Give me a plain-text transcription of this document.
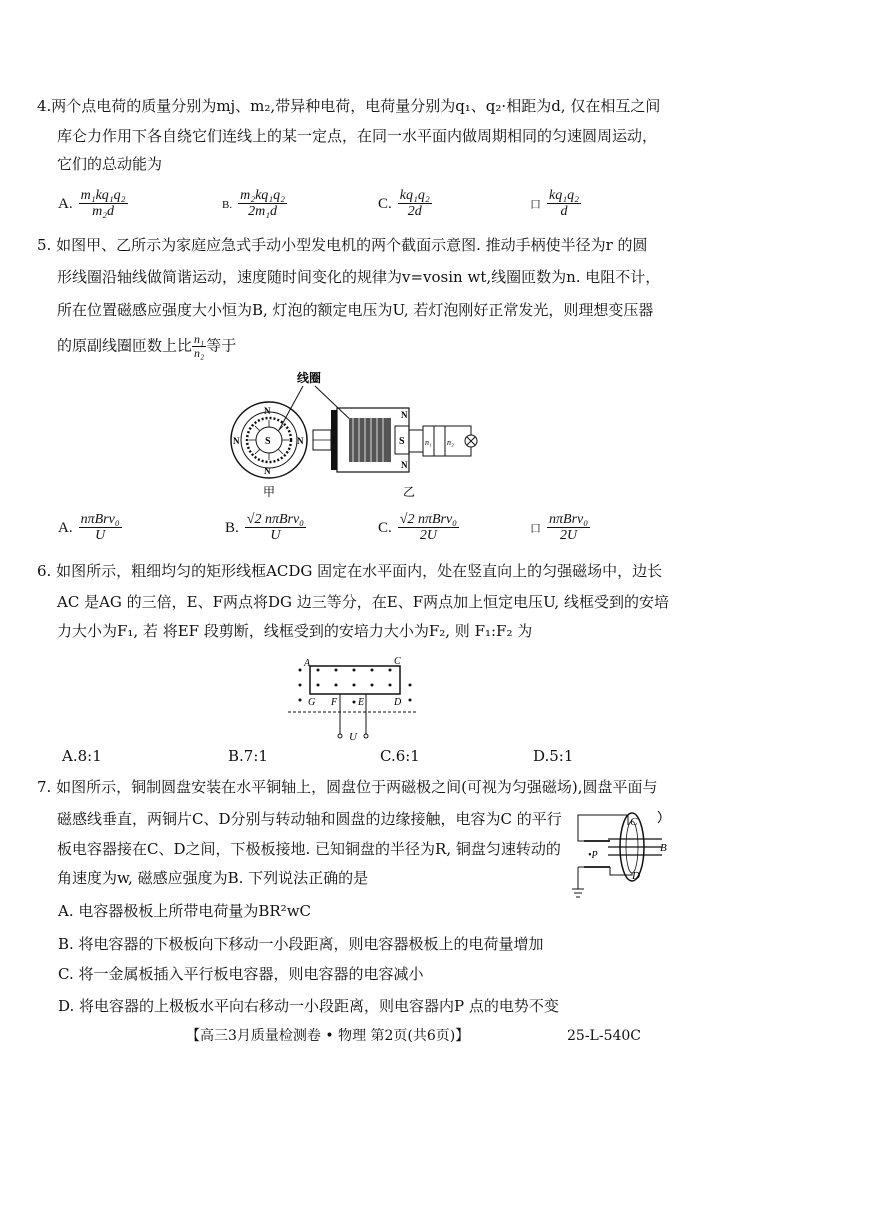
4.两个点电荷的质量分别为mj、m₂,带异种电荷，电荷量分别为q₁、q₂·相距为d, 仅在相互之间
库仑力作用下各自绕它们连线上的某一定点，在同一水平面内做周期相同的匀速圆周运动，
它们的总动能为
A. $\frac{\text{m₁kq₁q₂}}{\text{m₂d}}$	B. $\frac{\text{m₂kq₁q₂}}{\text{2m₁d}}$	C. $\frac{\text{kq₁q₂}}{2d}$	口 $\frac{\text{kq₁q₂}}{d}$
5. 如图甲、乙所示为家庭应急式手动小型发电机的两个截面示意图. 推动手柄使半径为r 的圆
形线圈沿轴线做简谐运动，速度随时间变化的规律为v=vosin wt,线圈匝数为n. 电阻不计，
所在位置磁感应强度大小恒为B, 灯泡的额定电压为U, 若灯泡刚好正常发光，则理想变压器
的原副线圈匝数上比 $\frac{\text{n₁}}{\text{n₂}}$ 等于
线圈
S
N
N
N	N
甲
S
N
N
n₁ n₂
乙
A. $\frac{\text{nπBrv₀}}{U}$	B. $\frac{\text{√2 nπBrv₀}}{U}$	C. $\frac{\text{√2 nπBrv₀}}{2U}$	口 $\frac{\text{nπBrv₀}}{2U}$
6. 如图所示，粗细均匀的矩形线框ACDG 固定在水平面内，处在竖直向上的匀强磁场中，边长
AC 是AG 的三倍，E、F两点将DG 边三等分，在E、F两点加上恒定电压U, 线框受到的安培
力大小为F₁, 若 将EF 段剪断，线框受到的安培力大小为F₂, 则 F₁:F₂ 为
A	C
G F E	D
U
A.8:1	B.7:1	C.6:1	D.5:1
7. 如图所示，铜制圆盘安装在水平铜轴上，圆盘位于两磁极之间(可视为匀强磁场),圆盘平面与
磁感线垂直，两铜片C、D分别与转动轴和圆盘的边缘接触，电容为C 的平行
板电容器接在C、D之间，下极板接地. 已知铜盘的半径为R, 铜盘匀速转动的
角速度为w, 磁感应强度为B. 下列说法正确的是
C
D
B
•P
A. 电容器极板上所带电荷量为BR²wC
B. 将电容器的下极板向下移动一小段距离，则电容器极板上的电荷量增加
C. 将一金属板插入平行板电容器，则电容器的电容减小
D. 将电容器的上极板水平向右移动一小段距离，则电容器内P 点的电势不变
【高三3月质量检测卷 • 物理 第2页(共6页)】	25-L-540C
